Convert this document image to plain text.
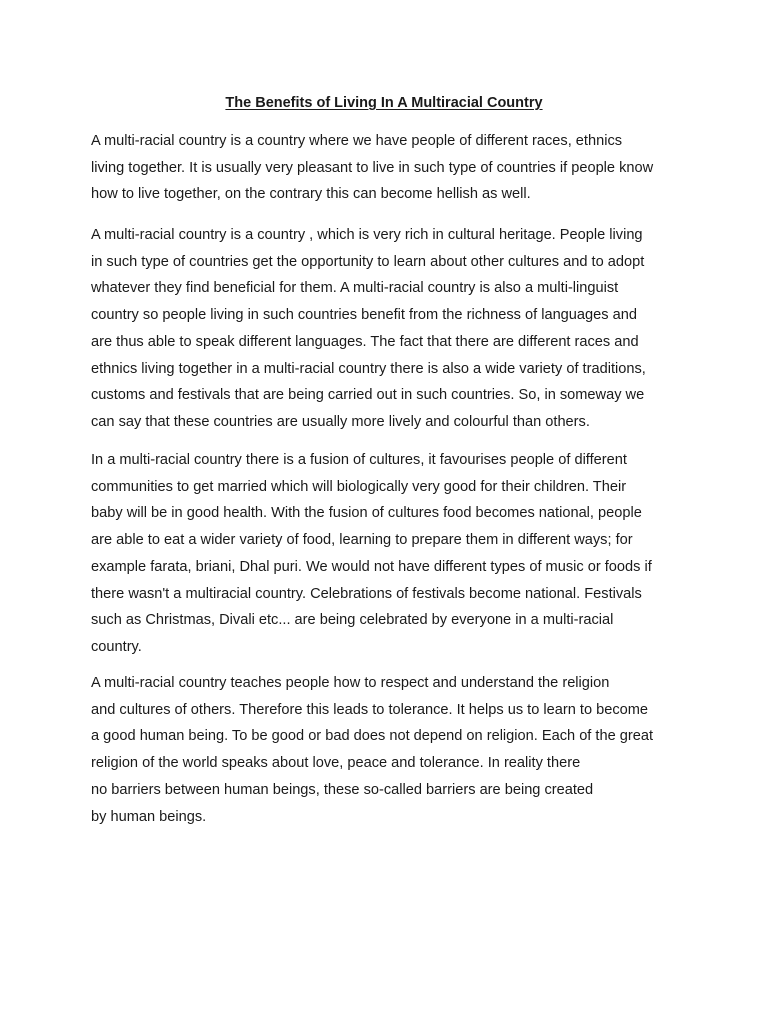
The Benefits of Living In A Multiracial Country

A multi-racial country is a country where we have people of different races, ethnics
living together. It is usually very pleasant to live in such type of countries if people know
how to live together, on the contrary this can become hellish as well.

A multi-racial country is a country , which is very rich in cultural heritage. People living
in such type of countries get the opportunity to learn about other cultures and to adopt
whatever they find beneficial for them. A multi-racial country is also a multi-linguist
country so people living in such countries benefit from the richness of languages and
are thus able to speak different languages. The fact that there are different races and
ethnics living together in a multi-racial country there is also a wide variety of traditions,
customs and festivals that are being carried out in such countries. So, in someway we
can say that these countries are usually more lively and colourful than others.

In a multi-racial country there is a fusion of cultures, it favourises people of different
communities to get married which will biologically very good for their children. Their
baby will be in good health. With the fusion of cultures food becomes national, people
are able to eat a wider variety of food, learning to prepare them in different ways; for
example farata, briani, Dhal puri. We would not have different types of music or foods if
there wasn't a multiracial country. Celebrations of festivals become national. Festivals
such as Christmas, Divali etc... are being celebrated by everyone in a multi-racial
country.

A multi-racial country teaches people how to respect and understand the religion
and cultures of others. Therefore this leads to tolerance. It helps us to learn to become
a good human being. To be good or bad does not depend on religion. Each of the great
religion of the world speaks about love, peace and tolerance. In reality there
no barriers between human beings, these so-called barriers are being created
by human beings.
